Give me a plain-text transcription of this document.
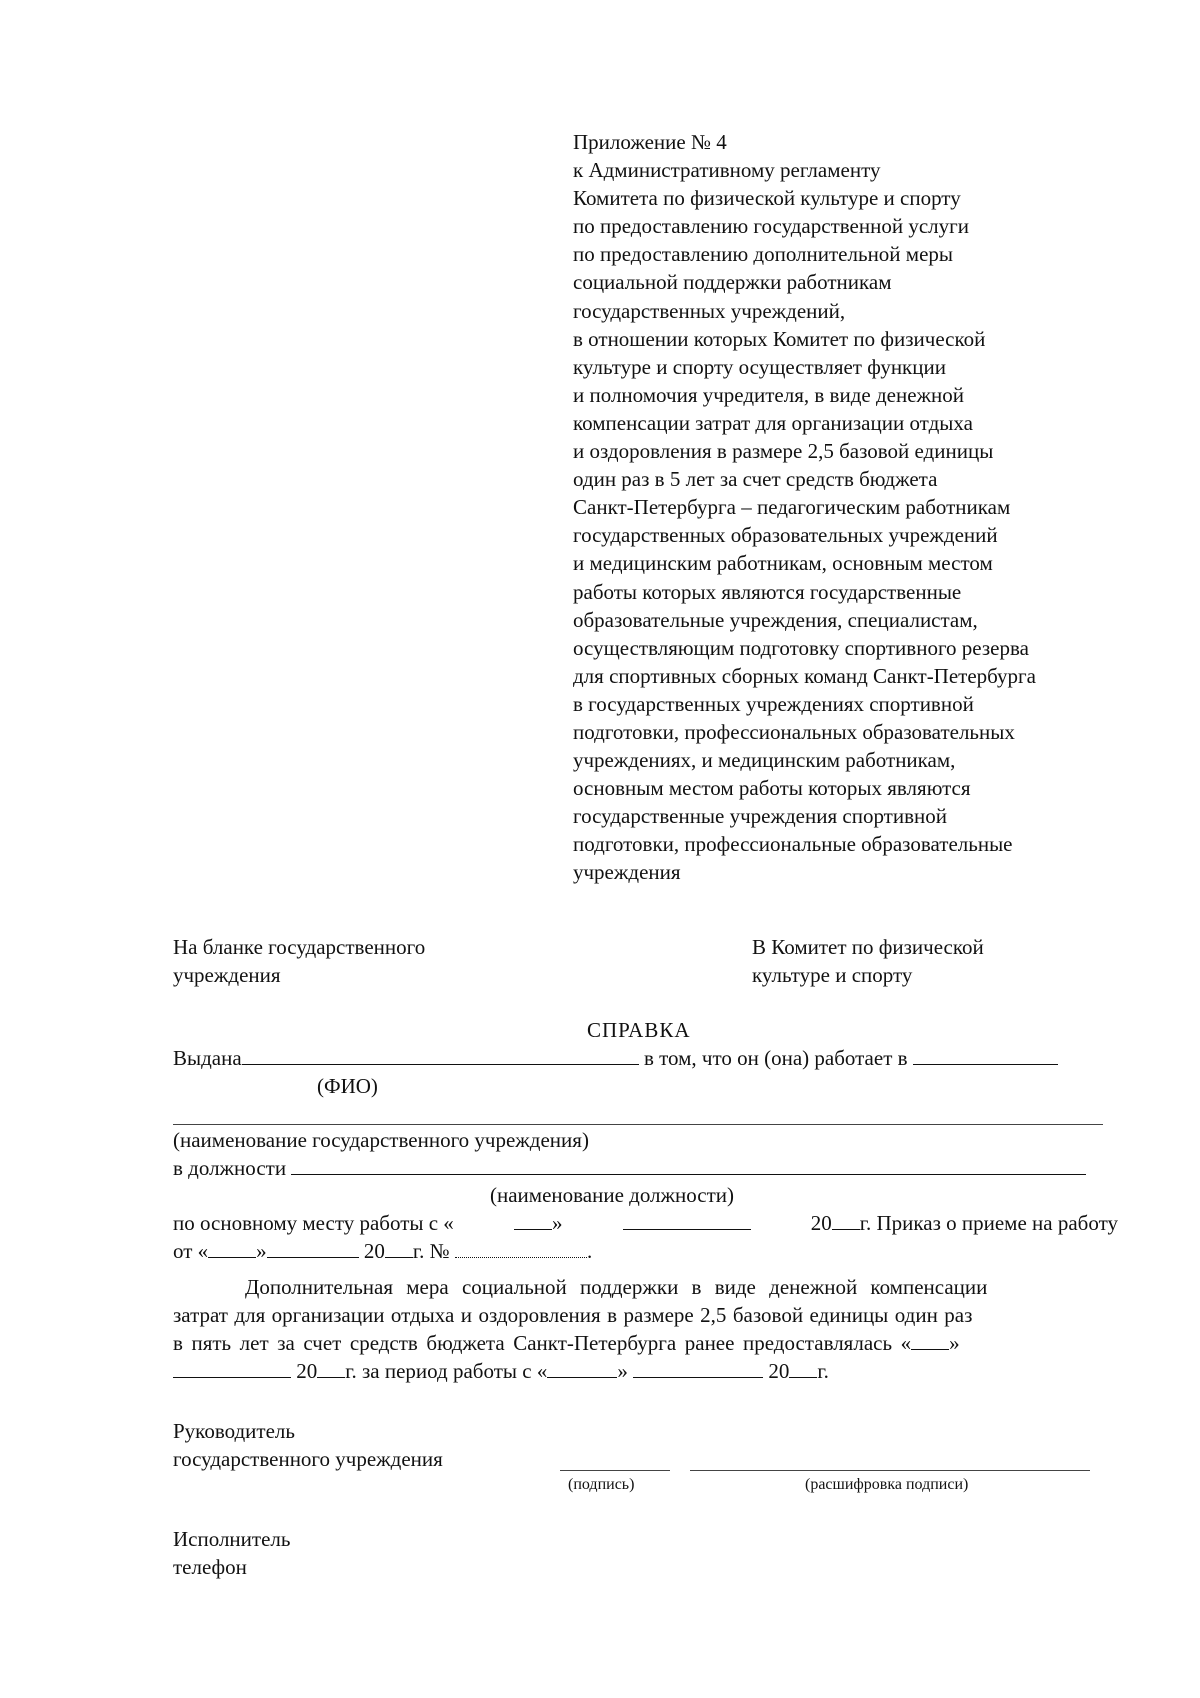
Приложение № 4
к Административному регламенту
Комитета по физической культуре и спорту
по предоставлению государственной услуги
по предоставлению дополнительной меры
социальной поддержки работникам
государственных учреждений,
в отношении которых Комитет по физической
культуре и спорту осуществляет функции
и полномочия учредителя, в виде денежной
компенсации затрат для организации отдыха
и оздоровления в размере 2,5 базовой единицы
один раз в 5 лет за счет средств бюджета
Санкт-Петербурга – педагогическим работникам
государственных образовательных учреждений
и медицинским работникам, основным местом
работы которых являются государственные
образовательные учреждения, специалистам,
осуществляющим подготовку спортивного резерва
для спортивных сборных команд Санкт-Петербурга
в государственных учреждениях спортивной
подготовки, профессиональных образовательных
учреждениях, и медицинским работникам,
основным местом работы которых являются
государственные учреждения спортивной
подготовки, профессиональные образовательные
учреждения
На бланке государственного
учреждения
В Комитет по физической
культуре и спорту
СПРАВКА
Выдана	в том, что он (она) работает в
(ФИО)
(наименование государственного учреждения)
в должности
(наименование должности)
по основному месту работы с «	»	20 г. Приказ о приеме на работу
от « »	20 г. №	.
Дополнительная мера социальной поддержки в виде денежной компенсации
затрат для организации отдыха и оздоровления в размере 2,5 базовой единицы один раз
в пять лет за счет средств бюджета Санкт-Петербурга ранее предоставлялась « »
20 г. за период работы с «	»	20 г.
Руководитель
государственного учреждения
(подпись)	(расшифровка подписи)
Исполнитель
телефон
